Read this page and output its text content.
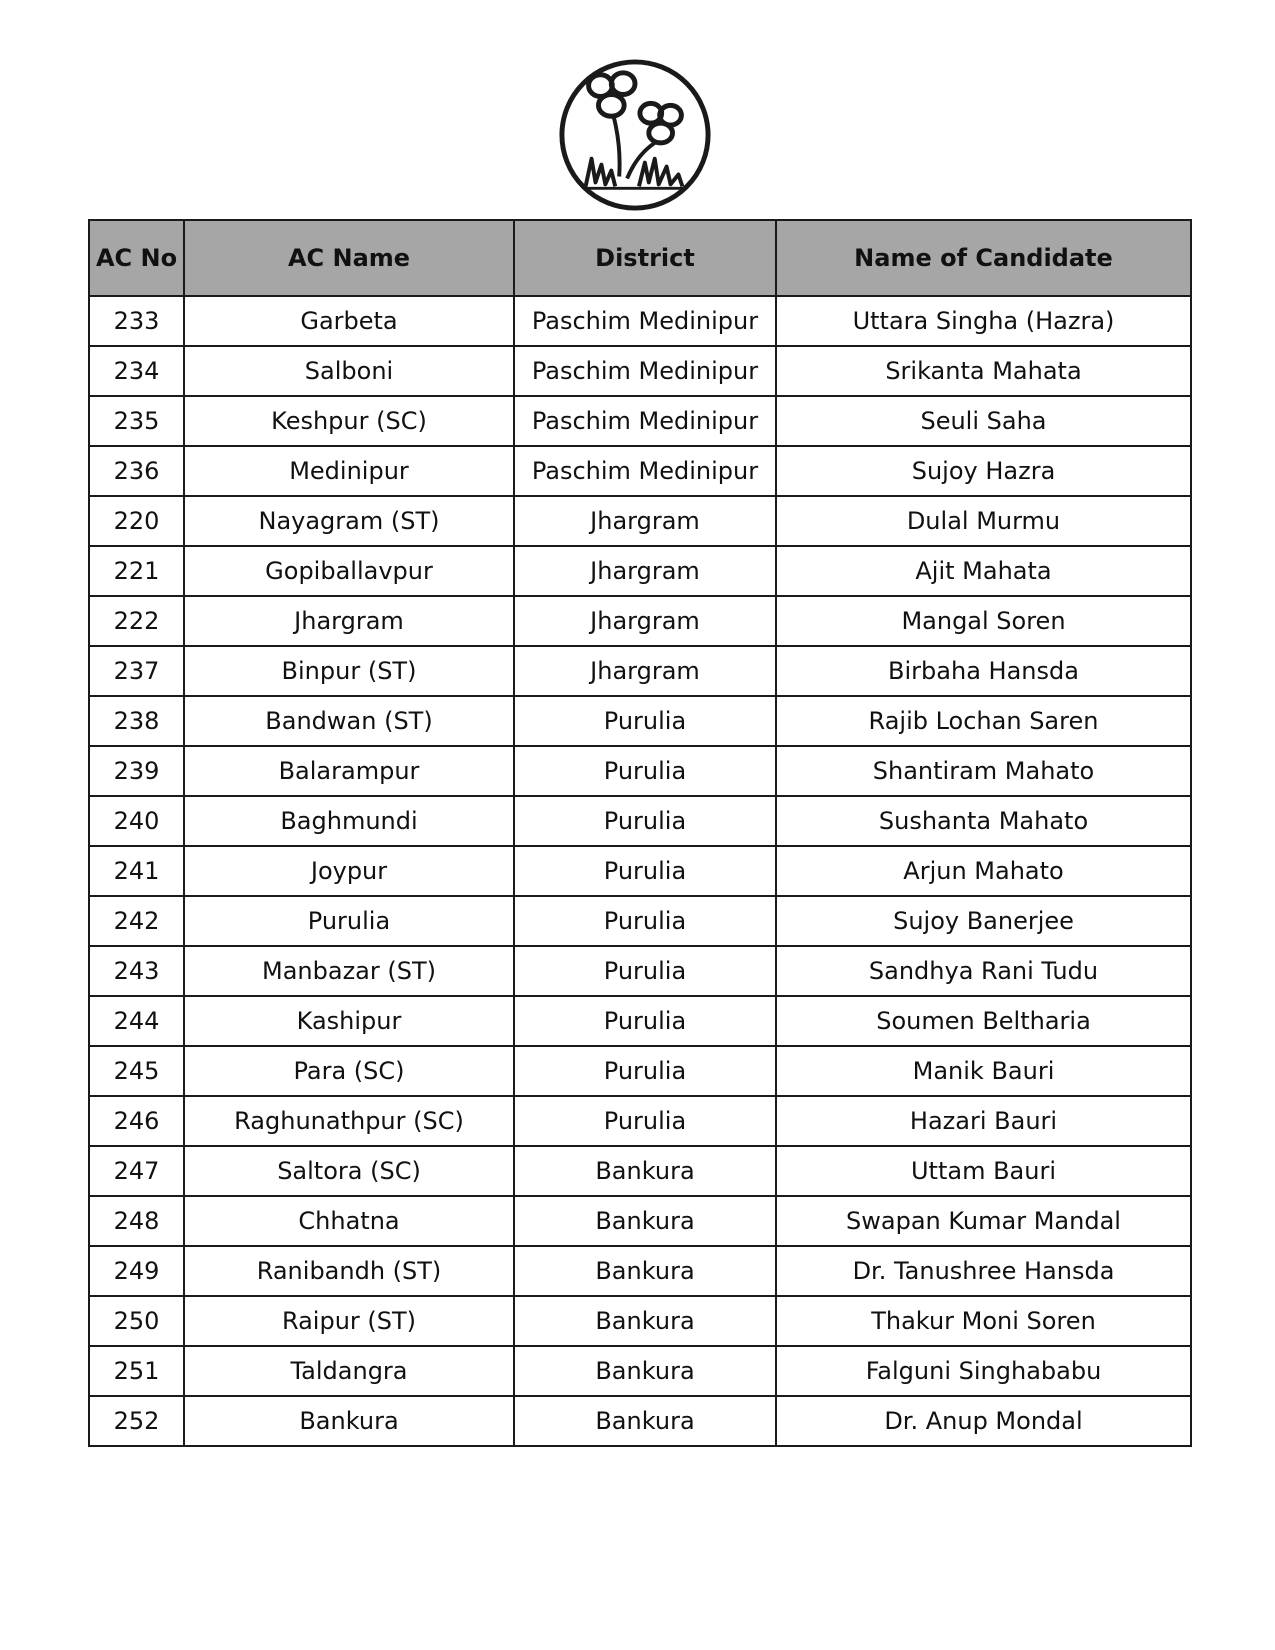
AC No	AC Name	District	Name of Candidate
233	Garbeta	Paschim Medinipur	Uttara Singha (Hazra)
234	Salboni	Paschim Medinipur	Srikanta Mahata
235	Keshpur (SC)	Paschim Medinipur	Seuli Saha
236	Medinipur	Paschim Medinipur	Sujoy Hazra
220	Nayagram (ST)	Jhargram	Dulal Murmu
221	Gopiballavpur	Jhargram	Ajit Mahata
222	Jhargram	Jhargram	Mangal Soren
237	Binpur (ST)	Jhargram	Birbaha Hansda
238	Bandwan (ST)	Purulia	Rajib Lochan Saren
239	Balarampur	Purulia	Shantiram Mahato
240	Baghmundi	Purulia	Sushanta Mahato
241	Joypur	Purulia	Arjun Mahato
242	Purulia	Purulia	Sujoy Banerjee
243	Manbazar (ST)	Purulia	Sandhya Rani Tudu
244	Kashipur	Purulia	Soumen Beltharia
245	Para (SC)	Purulia	Manik Bauri
246	Raghunathpur (SC)	Purulia	Hazari Bauri
247	Saltora (SC)	Bankura	Uttam Bauri
248	Chhatna	Bankura	Swapan Kumar Mandal
249	Ranibandh (ST)	Bankura	Dr. Tanushree Hansda
250	Raipur (ST)	Bankura	Thakur Moni Soren
251	Taldangra	Bankura	Falguni Singhababu
252	Bankura	Bankura	Dr. Anup Mondal
